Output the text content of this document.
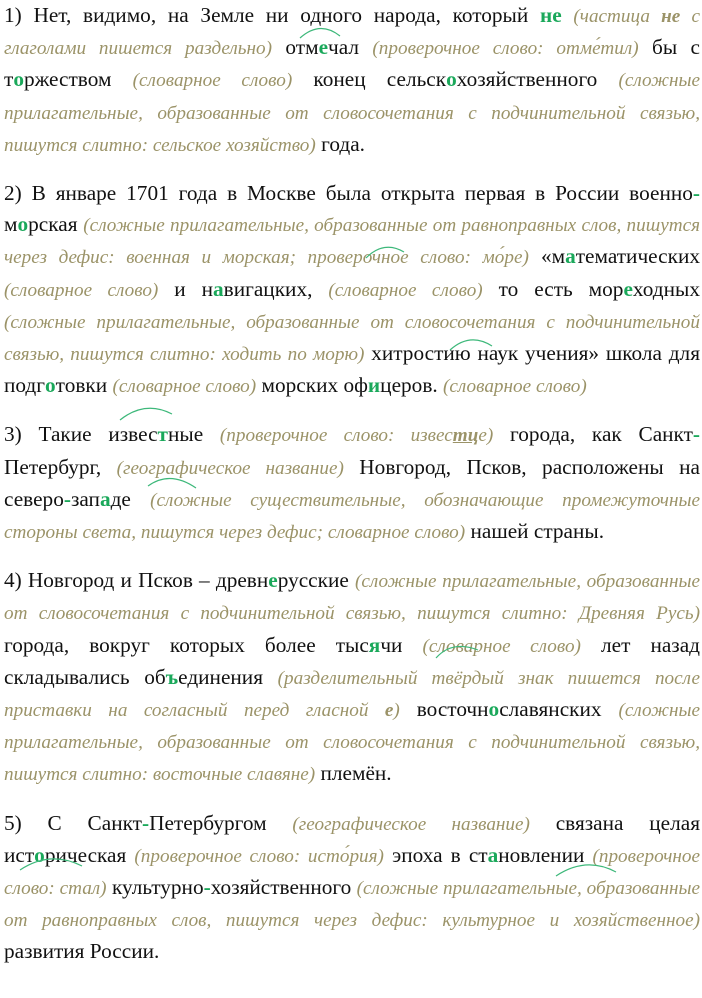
1) Нет, видимо, на Земле ни одного народа, который не (частица не с глаголами пишется раздельно) отмечал (проверочное слово: отме́тил) бы с торжеством (словарное слово) конец сельскохозяйственного (сложные прилагательные, образованные от словосочетания с подчинительной связью, пишутся слитно: сельское хозяйство) года.

2) В январе 1701 года в Москве была открыта первая в России военно-морская (сложные прилагательные, образованные от равноправных слов, пишутся через дефис: военная и морская; проверочное слово: мо́ре) «математических (словарное слово) и навигацких, (словарное слово) то есть мореходных (сложные прилагательные, образованные от словосочетания с подчинительной связью, пишутся слитно: ходить по морю) хитростию наук учения» школа для подготовки (словарное слово) морских офицеров. (словарное слово)

3) Такие известные (проверочное слово: известце) города, как Санкт-Петербург, (географическое название) Новгород, Псков, расположены на северо-западе (сложные существительные, обозначающие промежуточные стороны света, пишутся через дефис; словарное слово) нашей страны.

4) Новгород и Псков – древнерусские (сложные прилагательные, образованные от словосочетания с подчинительной связью, пишутся слитно: Древняя Русь) города, вокруг которых более тысячи (словарное слово) лет назад складывались объединения (разделительный твёрдый знак пишется после приставки на согласный перед гласной е) восточнославянских (сложные прилагательные, образованные от словосочетания с подчинительной связью, пишутся слитно: восточные славяне) племён.

5) С Санкт-Петербургом (географическое название) связана целая историческая (проверочное слово: исто́рия) эпоха в становлении (проверочное слово: стал) культурно-хозяйственного (сложные прилагательные, образованные от равноправных слов, пишутся через дефис: культурное и хозяйственное) развития России.
